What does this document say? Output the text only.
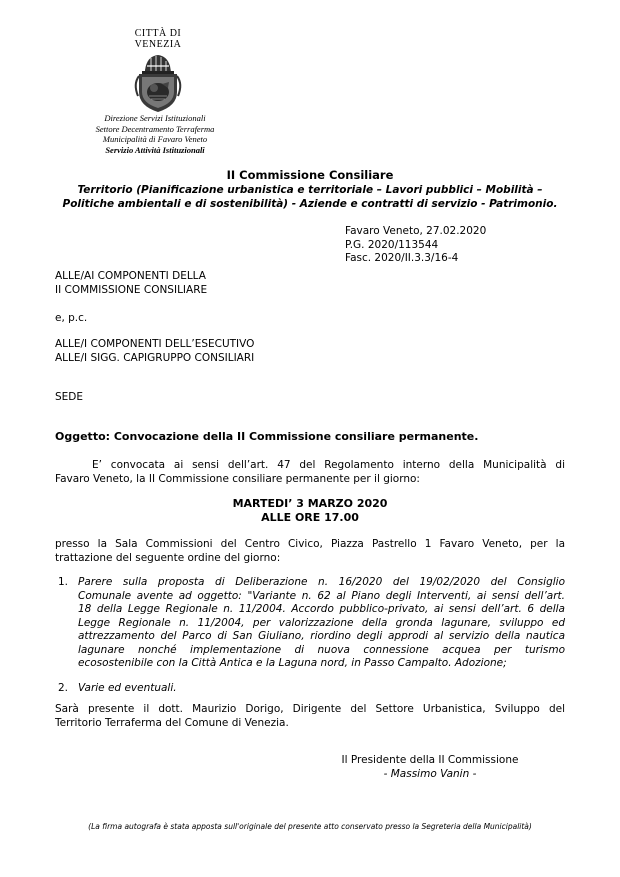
CITTÀ DI
VENEZIA
Direzione Servizi Istituzionali
Settore Decentramento Terraferma
Municipalità di Favaro Veneto
Servizio Attività Istituzionali
II Commissione Consiliare
Territorio (Pianificazione urbanistica e territoriale – Lavori pubblici – Mobilità –
Politiche ambientali e di sostenibilità) - Aziende e contratti di servizio - Patrimonio.
Favaro Veneto, 27.02.2020
P.G. 2020/113544
Fasc. 2020/II.3.3/16-4
ALLE/AI COMPONENTI DELLA
II COMMISSIONE CONSILIARE
e, p.c.
ALLE/I COMPONENTI DELL’ESECUTIVO
ALLE/I SIGG. CAPIGRUPPO CONSILIARI
SEDE
Oggetto: Convocazione della II Commissione consiliare permanente.
E’ convocata ai sensi dell’art. 47 del Regolamento interno della Municipalità di
Favaro Veneto, la II Commissione consiliare permanente per il giorno:
MARTEDI’ 3 MARZO 2020
ALLE ORE 17.00
presso la Sala Commissioni del Centro Civico, Piazza Pastrello 1 Favaro Veneto, per la
trattazione del seguente ordine del giorno:
1. Parere sulla proposta di Deliberazione n. 16/2020 del 19/02/2020 del Consiglio
Comunale avente ad oggetto: "Variante n. 62 al Piano degli Interventi, ai sensi dell’art.
18 della Legge Regionale n. 11/2004. Accordo pubblico-privato, ai sensi dell’art. 6 della
Legge Regionale n. 11/2004, per valorizzazione della gronda lagunare, sviluppo ed
attrezzamento del Parco di San Giuliano, riordino degli approdi al servizio della nautica
lagunare nonché implementazione di nuova connessione acquea per turismo
ecosostenibile con la Città Antica e la Laguna nord, in Passo Campalto. Adozione;
2. Varie ed eventuali.
Sarà presente il dott. Maurizio Dorigo, Dirigente del Settore Urbanistica, Sviluppo del
Territorio Terraferma del Comune di Venezia.
Il Presidente della II Commissione
- Massimo Vanin -
(La firma autografa è stata apposta sull'originale del presente atto conservato presso la Segreteria della Municipalità)
